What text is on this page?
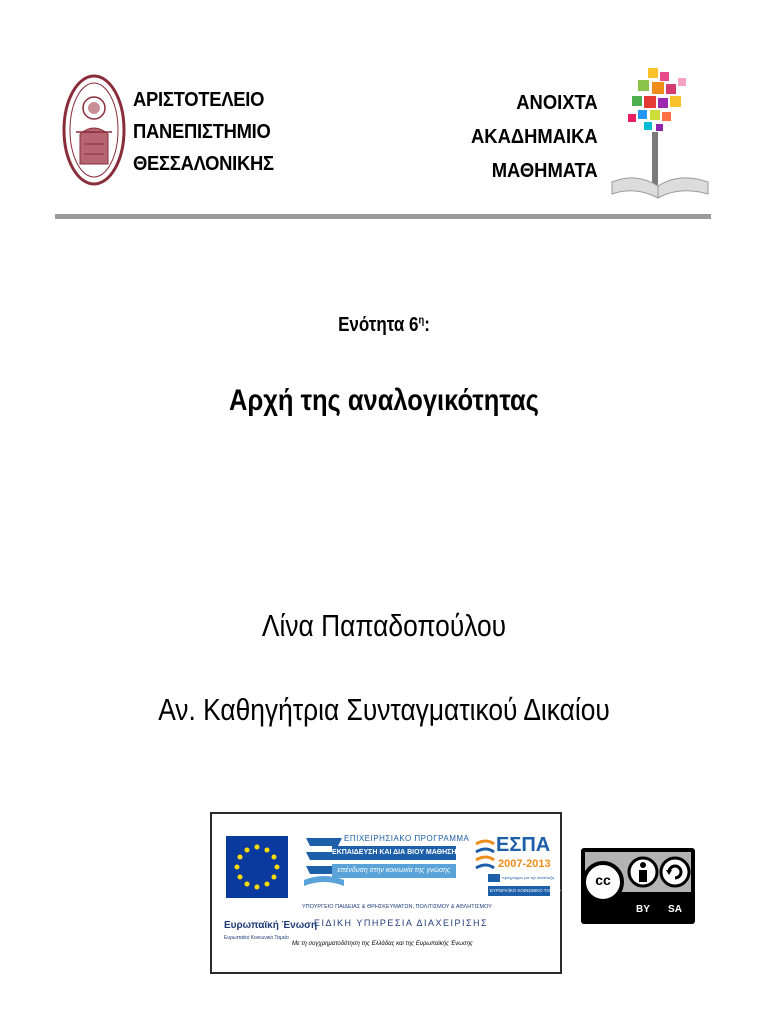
ΑΡΙΣΤΟΤΕΛΕΙΟ
ΠΑΝΕΠΙΣΤΗΜΙΟ
ΘΕΣΣΑΛΟΝΙΚΗΣ
ΑΝΟΙΧΤΑ
ΑΚΑΔΗΜΑΙΚΑ
ΜΑΘΗΜΑΤΑ
Ενότητα $6^\eta$:
Αρχή της αναλογικότητας
Λίνα Παπαδοπούλου
Αν. Καθηγήτρια Συνταγματικού Δικαίου
Ευρωπαϊκή Ένωση
Ευρωπαϊκό Κοινωνικό Ταμείο
ΕΠΙΧΕΙΡΗΣΙΑΚΟ ΠΡΟΓΡΑΜΜΑ
ΕΚΠΑΙΔΕΥΣΗ ΚΑΙ ΔΙΑ ΒΙΟΥ ΜΑΘΗΣΗ
επένδυση στην κοινωνία της γνώσης
ΥΠΟΥΡΓΕΙΟ ΠΑΙΔΕΙΑΣ & ΘΡΗΣΚΕΥΜΑΤΩΝ, ΠΟΛΙΤΙΣΜΟΥ & ΑΘΛΗΤΙΣΜΟΥ
ΕΙΔΙΚΗ ΥΠΗΡΕΣΙΑ ΔΙΑΧΕΙΡΙΣΗΣ
Με τη συγχρηματοδότηση της Ελλάδας και της Ευρωπαϊκής Ένωσης
ΕΣΠΑ
2007-2013
πρόγραμμα για την ανάπτυξη
ΕΥΡΩΠΑΪΚΟ ΚΟΙΝΩΝΙΚΟ ΤΑΜΕΙΟ
cc
BY	SA
